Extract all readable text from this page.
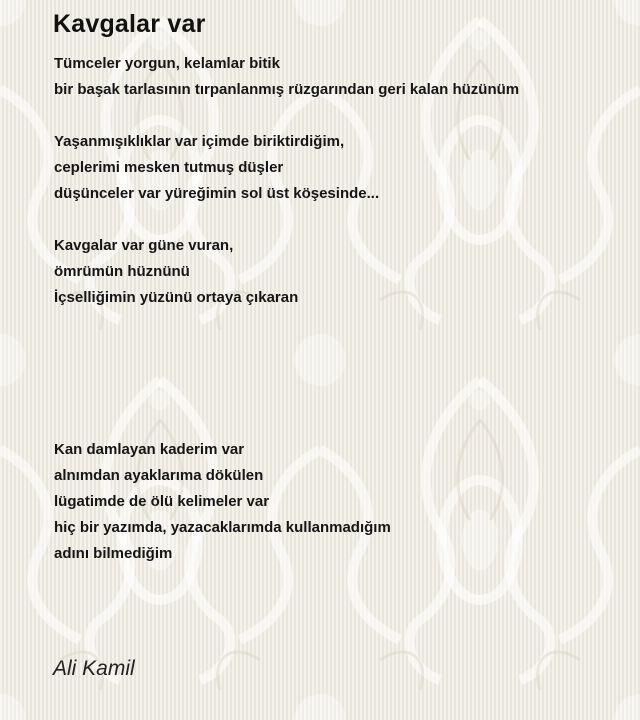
Kavgalar var
Tümceler yorgun, kelamlar bitik
bir başak tarlasının tırpanlanmış rüzgarından geri kalan hüzünüm
Yaşanmışıklıklar var içimde biriktirdiğim,
ceplerimi mesken tutmuş düşler
düşünceler var yüreğimin sol üst köşesinde...
Kavgalar var güne vuran,
ömrümün hüznünü
İçselliğimin yüzünü ortaya çıkaran
Kan damlayan kaderim var
alnımdan ayaklarıma dökülen
lügatimde de ölü kelimeler var
hiç bir yazımda, yazacaklarımda kullanmadığım
adını bilmediğim
Ali Kamil
